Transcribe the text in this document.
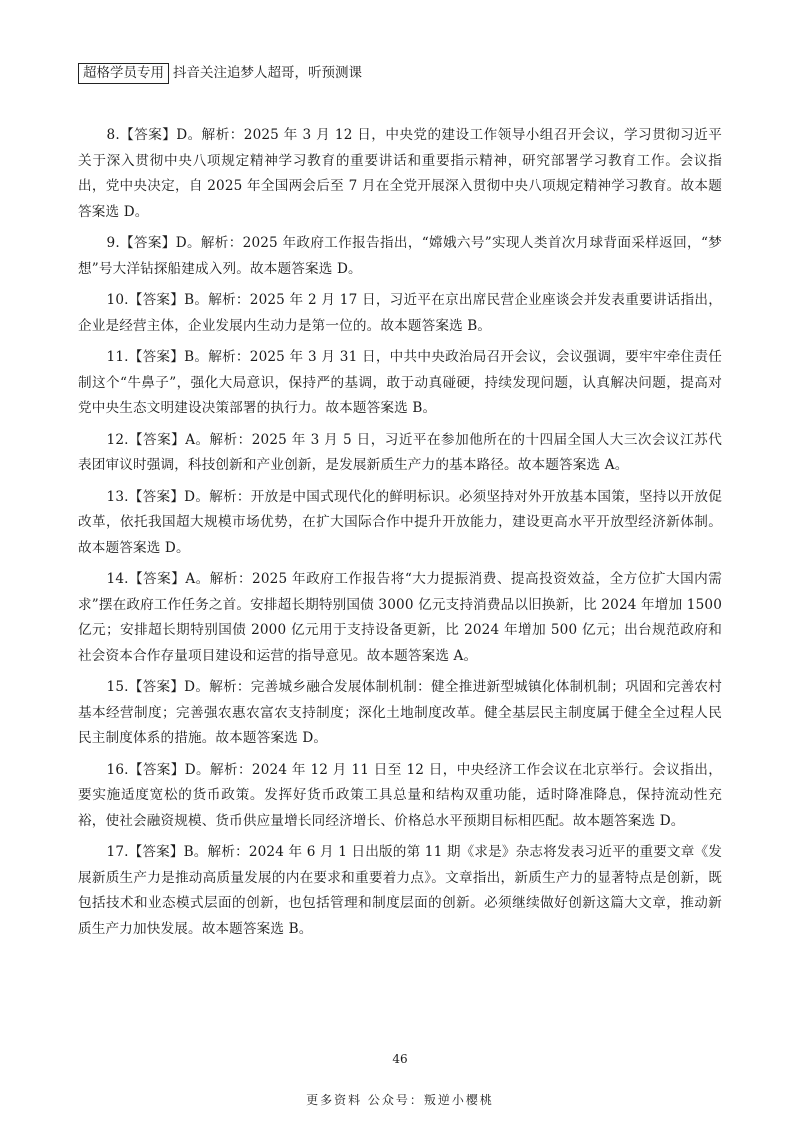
超格学员专用 抖音关注追梦人超哥，听预测课

8.【答案】D。解析：2025 年 3 月 12 日，中央党的建设工作领导小组召开会议，学习贯彻习近平关于深入贯彻中央八项规定精神学习教育的重要讲话和重要指示精神，研究部署学习教育工作。会议指出，党中央决定，自 2025 年全国两会后至 7 月在全党开展深入贯彻中央八项规定精神学习教育。故本题答案选 D。

9.【答案】D。解析：2025 年政府工作报告指出，“嫦娥六号”实现人类首次月球背面采样返回，“梦想”号大洋钻探船建成入列。故本题答案选 D。

10.【答案】B。解析：2025 年 2 月 17 日，习近平在京出席民营企业座谈会并发表重要讲话指出，企业是经营主体，企业发展内生动力是第一位的。故本题答案选 B。

11.【答案】B。解析：2025 年 3 月 31 日，中共中央政治局召开会议，会议强调，要牢牢牵住责任制这个“牛鼻子”，强化大局意识，保持严的基调，敢于动真碰硬，持续发现问题，认真解决问题，提高对党中央生态文明建设决策部署的执行力。故本题答案选 B。

12.【答案】A。解析：2025 年 3 月 5 日，习近平在参加他所在的十四届全国人大三次会议江苏代表团审议时强调，科技创新和产业创新，是发展新质生产力的基本路径。故本题答案选 A。

13.【答案】D。解析：开放是中国式现代化的鲜明标识。必须坚持对外开放基本国策，坚持以开放促改革，依托我国超大规模市场优势，在扩大国际合作中提升开放能力，建设更高水平开放型经济新体制。故本题答案选 D。

14.【答案】A。解析：2025 年政府工作报告将“大力提振消费、提高投资效益，全方位扩大国内需求”摆在政府工作任务之首。安排超长期特别国债 3000 亿元支持消费品以旧换新，比 2024 年增加 1500 亿元；安排超长期特别国债 2000 亿元用于支持设备更新，比 2024 年增加 500 亿元；出台规范政府和社会资本合作存量项目建设和运营的指导意见。故本题答案选 A。

15.【答案】D。解析：完善城乡融合发展体制机制：健全推进新型城镇化体制机制；巩固和完善农村基本经营制度；完善强农惠农富农支持制度；深化土地制度改革。健全基层民主制度属于健全全过程人民民主制度体系的措施。故本题答案选 D。

16.【答案】D。解析：2024 年 12 月 11 日至 12 日，中央经济工作会议在北京举行。会议指出，要实施适度宽松的货币政策。发挥好货币政策工具总量和结构双重功能，适时降准降息，保持流动性充裕，使社会融资规模、货币供应量增长同经济增长、价格总水平预期目标相匹配。故本题答案选 D。

17.【答案】B。解析：2024 年 6 月 1 日出版的第 11 期《求是》杂志将发表习近平的重要文章《发展新质生产力是推动高质量发展的内在要求和重要着力点》。文章指出，新质生产力的显著特点是创新，既包括技术和业态模式层面的创新，也包括管理和制度层面的创新。必须继续做好创新这篇大文章，推动新质生产力加快发展。故本题答案选 B。

46
更多资料 公众号：叛逆小樱桃
